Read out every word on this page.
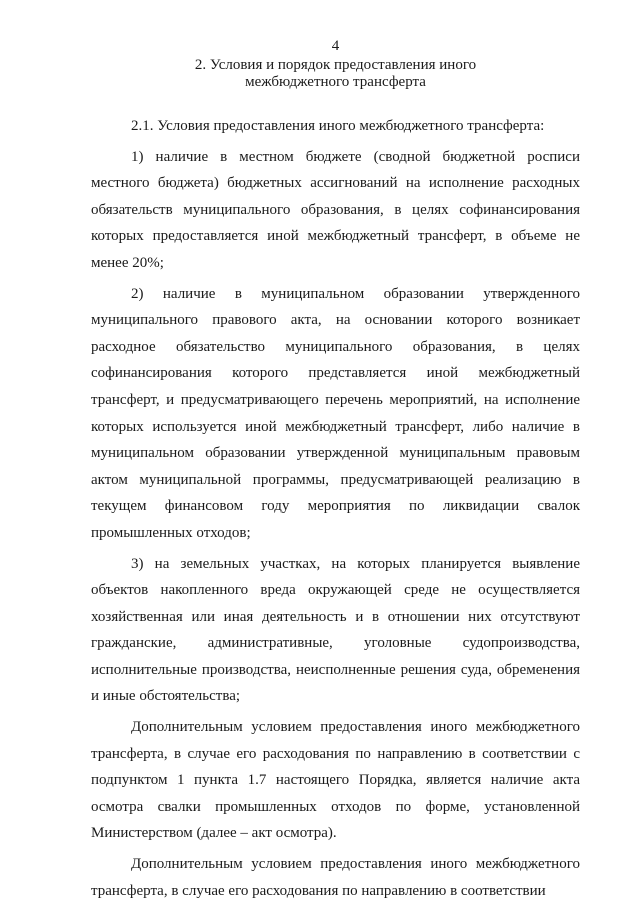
4

2. Условия и порядок предоставления иного

межбюджетного трансферта

2.1. Условия предоставления иного межбюджетного трансферта:

1) наличие в местном бюджете (сводной бюджетной росписи местного бюджета) бюджетных ассигнований на исполнение расходных обязательств муниципального образования, в целях софинансирования которых предоставляется иной межбюджетный трансферт, в объеме не менее 20%;

2) наличие в муниципальном образовании утвержденного муниципального правового акта, на основании которого возникает расходное обязательство муниципального образования, в целях софинансирования которого представляется иной межбюджетный трансферт, и предусматривающего перечень мероприятий, на исполнение которых используется иной межбюджетный трансферт, либо наличие в муниципальном образовании утвержденной муниципальным правовым актом муниципальной программы, предусматривающей реализацию в текущем финансовом году мероприятия по ликвидации свалок промышленных отходов;

3) на земельных участках, на которых планируется выявление объектов накопленного вреда окружающей среде не осуществляется хозяйственная или иная деятельность и в отношении них отсутствуют гражданские, административные, уголовные судопроизводства, исполнительные производства, неисполненные решения суда, обременения и иные обстоятельства;

Дополнительным условием предоставления иного межбюджетного трансферта, в случае его расходования по направлению в соответствии с подпунктом 1 пункта 1.7 настоящего Порядка, является наличие акта осмотра свалки промышленных отходов по форме, установленной Министерством (далее – акт осмотра).

Дополнительным условием предоставления иного межбюджетного трансферта, в случае его расходования по направлению в соответствии
